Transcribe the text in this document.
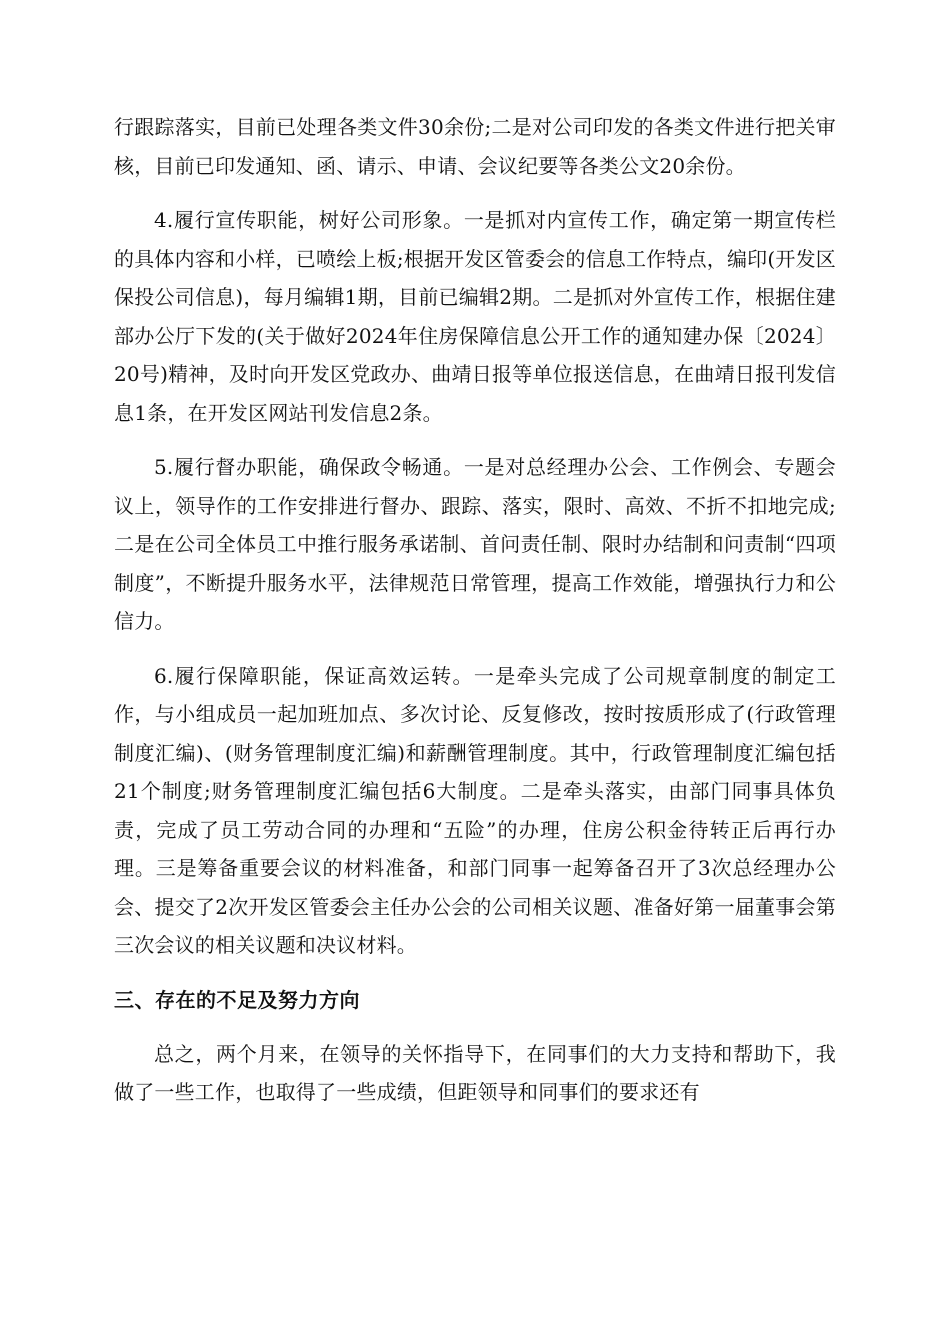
行跟踪落实，目前已处理各类文件30余份;二是对公司印发的各类文件进行把关审核，目前已印发通知、函、请示、申请、会议纪要等各类公文20余份。

4.履行宣传职能，树好公司形象。一是抓对内宣传工作，确定第一期宣传栏的具体内容和小样，已喷绘上板;根据开发区管委会的信息工作特点，编印(开发区保投公司信息)，每月编辑1期，目前已编辑2期。二是抓对外宣传工作，根据住建部办公厅下发的(关于做好2024年住房保障信息公开工作的通知建办保〔2024〕20号)精神，及时向开发区党政办、曲靖日报等单位报送信息，在曲靖日报刊发信息1条，在开发区网站刊发信息2条。

5.履行督办职能，确保政令畅通。一是对总经理办公会、工作例会、专题会议上，领导作的工作安排进行督办、跟踪、落实，限时、高效、不折不扣地完成;二是在公司全体员工中推行服务承诺制、首问责任制、限时办结制和问责制“四项制度”，不断提升服务水平，法律规范日常管理，提高工作效能，增强执行力和公信力。

6.履行保障职能，保证高效运转。一是牵头完成了公司规章制度的制定工作，与小组成员一起加班加点、多次讨论、反复修改，按时按质形成了(行政管理制度汇编)、(财务管理制度汇编)和薪酬管理制度。其中，行政管理制度汇编包括21个制度;财务管理制度汇编包括6大制度。二是牵头落实，由部门同事具体负责，完成了员工劳动合同的办理和“五险”的办理，住房公积金待转正后再行办理。三是筹备重要会议的材料准备，和部门同事一起筹备召开了3次总经理办公会、提交了2次开发区管委会主任办公会的公司相关议题、准备好第一届董事会第三次会议的相关议题和决议材料。

三、存在的不足及努力方向

总之，两个月来，在领导的关怀指导下，在同事们的大力支持和帮助下，我做了一些工作，也取得了一些成绩，但距领导和同事们的要求还有
